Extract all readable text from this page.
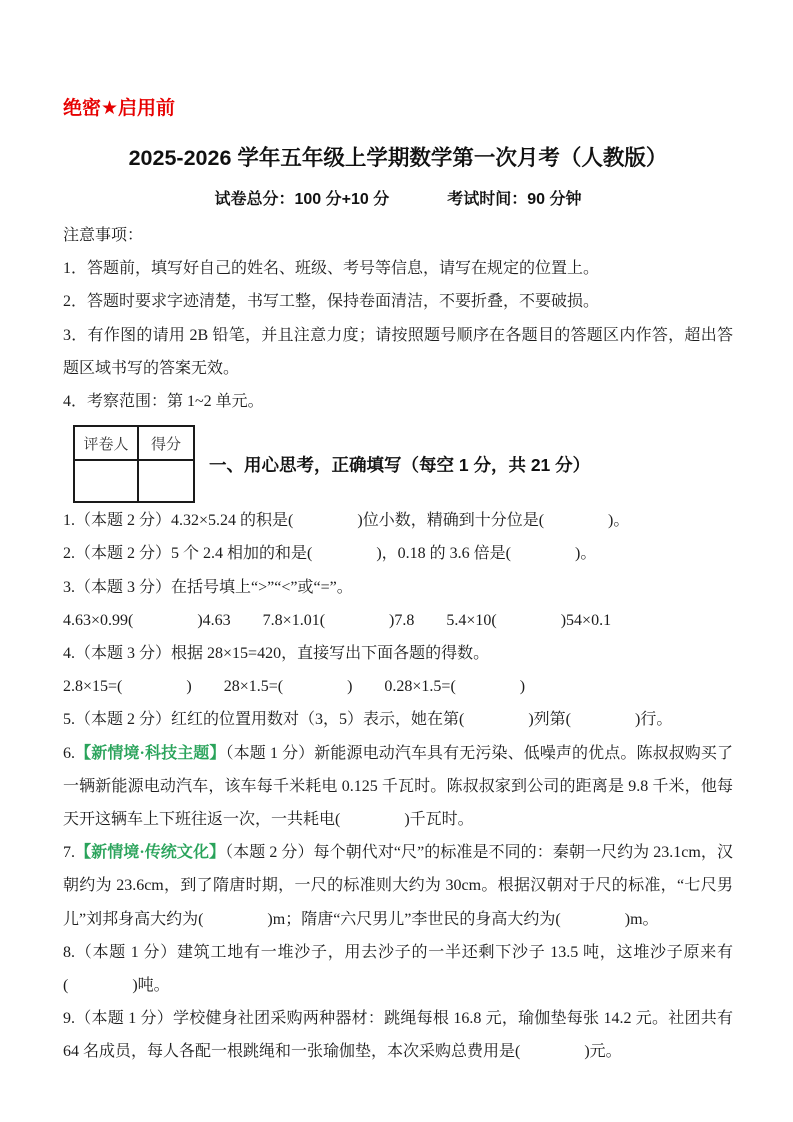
绝密★启用前

2025-2026 学年五年级上学期数学第一次月考（人教版）

试卷总分：100 分+10 分	考试时间：90 分钟

注意事项：

1．答题前，填写好自己的姓名、班级、考号等信息，请写在规定的位置上。

2．答题时要求字迹清楚，书写工整，保持卷面清洁，不要折叠，不要破损。

3．有作图的请用 2B 铅笔，并且注意力度；请按照题号顺序在各题目的答题区内作答，超出答题区域书写的答案无效。

4．考察范围：第 1~2 单元。

评卷人	得分

一、用心思考，正确填写（每空 1 分，共 21 分）

1.（本题 2 分）4.32×5.24 的积是(　　　　)位小数，精确到十分位是(　　　　)。

2.（本题 2 分）5 个 2.4 相加的和是(　　　　)，0.18 的 3.6 倍是(　　　　)。

3.（本题 3 分）在括号填上“>”“<”或“=”。

4.63×0.99(　　　　)4.63　　7.8×1.01(　　　　)7.8　　5.4×10(　　　　)54×0.1

4.（本题 3 分）根据 28×15=420，直接写出下面各题的得数。

2.8×15=(　　　　)　　28×1.5=(　　　　)　　0.28×1.5=(　　　　)

5.（本题 2 分）红红的位置用数对（3，5）表示，她在第(　　　　)列第(　　　　)行。

6.【新情境·科技主题】（本题 1 分）新能源电动汽车具有无污染、低噪声的优点。陈叔叔购买了一辆新能源电动汽车，该车每千米耗电 0.125 千瓦时。陈叔叔家到公司的距离是 9.8 千米，他每天开这辆车上下班往返一次，一共耗电(　　　　)千瓦时。

7.【新情境·传统文化】（本题 2 分）每个朝代对“尺”的标准是不同的：秦朝一尺约为 23.1cm，汉朝约为 23.6cm，到了隋唐时期，一尺的标准则大约为 30cm。根据汉朝对于尺的标准，“七尺男儿”刘邦身高大约为(　　　　)m；隋唐“六尺男儿”李世民的身高大约为(　　　　)m。

8.（本题 1 分）建筑工地有一堆沙子，用去沙子的一半还剩下沙子 13.5 吨，这堆沙子原来有(　　　　)吨。

9.（本题 1 分）学校健身社团采购两种器材：跳绳每根 16.8 元，瑜伽垫每张 14.2 元。社团共有 64 名成员，每人各配一根跳绳和一张瑜伽垫，本次采购总费用是(　　　　)元。
